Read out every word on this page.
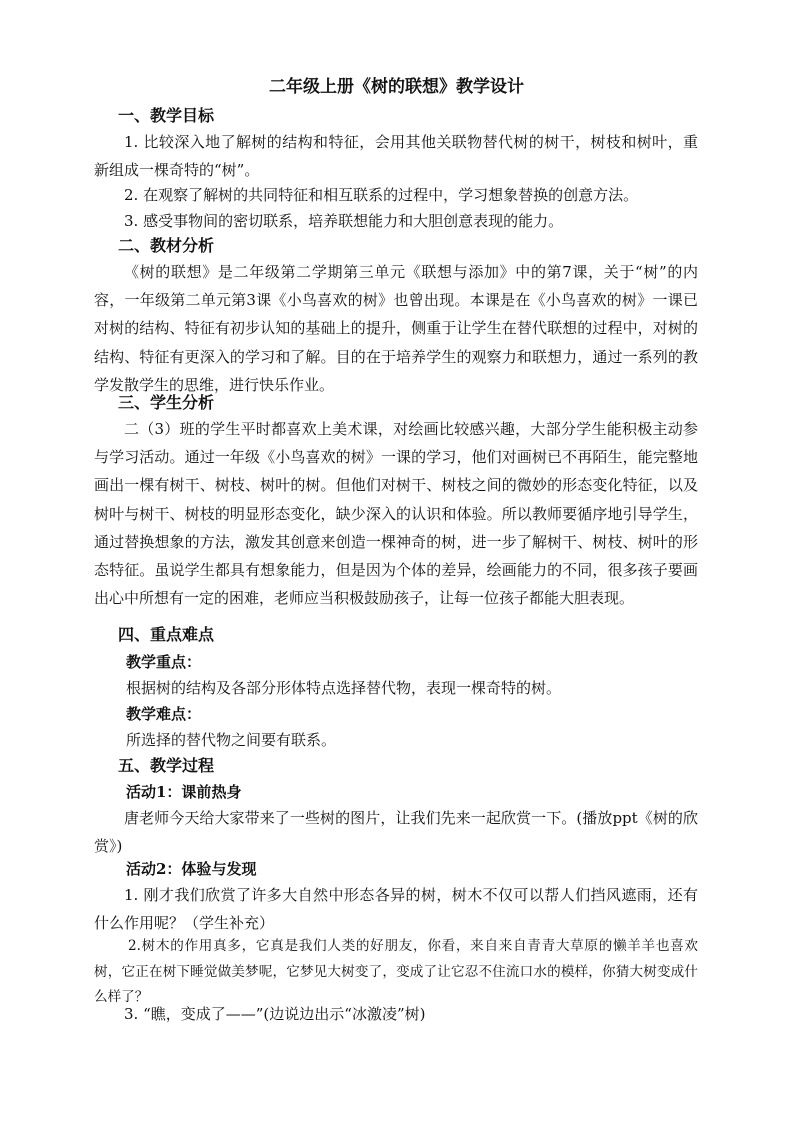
二年级上册《树的联想》教学设计
一、教学目标
1. 比较深入地了解树的结构和特征，会用其他关联物替代树的树干，树枝和树叶，重新组成一棵奇特的“树”。
2. 在观察了解树的共同特征和相互联系的过程中，学习想象替换的创意方法。
3. 感受事物间的密切联系，培养联想能力和大胆创意表现的能力。
二、教材分析
《树的联想》是二年级第二学期第三单元《联想与添加》中的第7课，关于“树”的内容，一年级第二单元第3课《小鸟喜欢的树》也曾出现。本课是在《小鸟喜欢的树》一课已对树的结构、特征有初步认知的基础上的提升，侧重于让学生在替代联想的过程中，对树的结构、特征有更深入的学习和了解。目的在于培养学生的观察力和联想力，通过一系列的教学发散学生的思维，进行快乐作业。
三、学生分析
二（3）班的学生平时都喜欢上美术课，对绘画比较感兴趣，大部分学生能积极主动参与学习活动。通过一年级《小鸟喜欢的树》一课的学习，他们对画树已不再陌生，能完整地画出一棵有树干、树枝、树叶的树。但他们对树干、树枝之间的微妙的形态变化特征，以及树叶与树干、树枝的明显形态变化，缺少深入的认识和体验。所以教师要循序地引导学生，通过替换想象的方法，激发其创意来创造一棵神奇的树，进一步了解树干、树枝、树叶的形态特征。虽说学生都具有想象能力，但是因为个体的差异，绘画能力的不同，很多孩子要画出心中所想有一定的困难，老师应当积极鼓励孩子，让每一位孩子都能大胆表现。
四、重点难点
教学重点：
根据树的结构及各部分形体特点选择替代物，表现一棵奇特的树。
教学难点：
所选择的替代物之间要有联系。
五、教学过程
活动1：课前热身
唐老师今天给大家带来了一些树的图片，让我们先来一起欣赏一下。(播放ppt《树的欣赏》)
活动2：体验与发现
1. 刚才我们欣赏了许多大自然中形态各异的树，树木不仅可以帮人们挡风遮雨，还有什么作用呢？（学生补充）
2.树木的作用真多，它真是我们人类的好朋友，你看，来自来自青青大草原的懒羊羊也喜欢树，它正在树下睡觉做美梦呢，它梦见大树变了，变成了让它忍不住流口水的模样，你猜大树变成什么样了？
3. “瞧，变成了——”(边说边出示“冰激凌”树)
